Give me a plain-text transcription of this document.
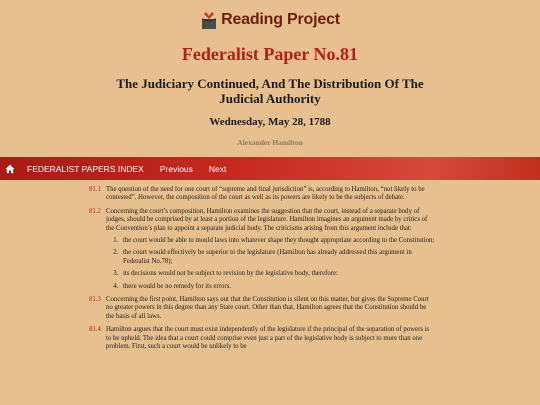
Reading Project
Federalist Paper No.81
The Judiciary Continued, And The Distribution Of The Judicial Authority
Wednesday, May 28, 1788
Alexander Hamilton
FEDERALIST PAPERS INDEX Previous Next
81.1 The question of the need for one court of “supreme and final jurisdiction” is, according to Hamilton, “not likely to be contested”. However, the composition of the court as well as its powers are likely to be the subjects of debate.

81.2 Concerning the court’s composition, Hamilton examines the suggestion that the court, instead of a separate body of judges, should be comprised by at least a portion of the legislature. Hamilton imagines an argument made by critics of the Convention’s plan to appoint a separate judicial body. The criticisms arising from this argument include that:

1. the court would be able to mould laws into whatever shape they thought appropriate according to the Constitution;
2. the court would effectively be superior to the legislature (Hamilton has already addressed this argument in Federalist No.78);
3. its decisions would not be subject to revision by the legislative body, therefore:
4. there would be no remedy for its errors.
81.3 Concerning the first point, Hamilton says out that the Constitution is silent on this matter, but gives the Supreme Court no greater powers in this degree than any State court. Other than that, Hamilton agrees that the Constitution should be the basis of all laws.

81.4 Hamilton argues that the court must exist independently of the legislature if the principal of the separation of powers is to be upheld. The idea that a court could comprise even just a part of the legislative body is subject to more than one problem. First, such a court would be unlikely to be
